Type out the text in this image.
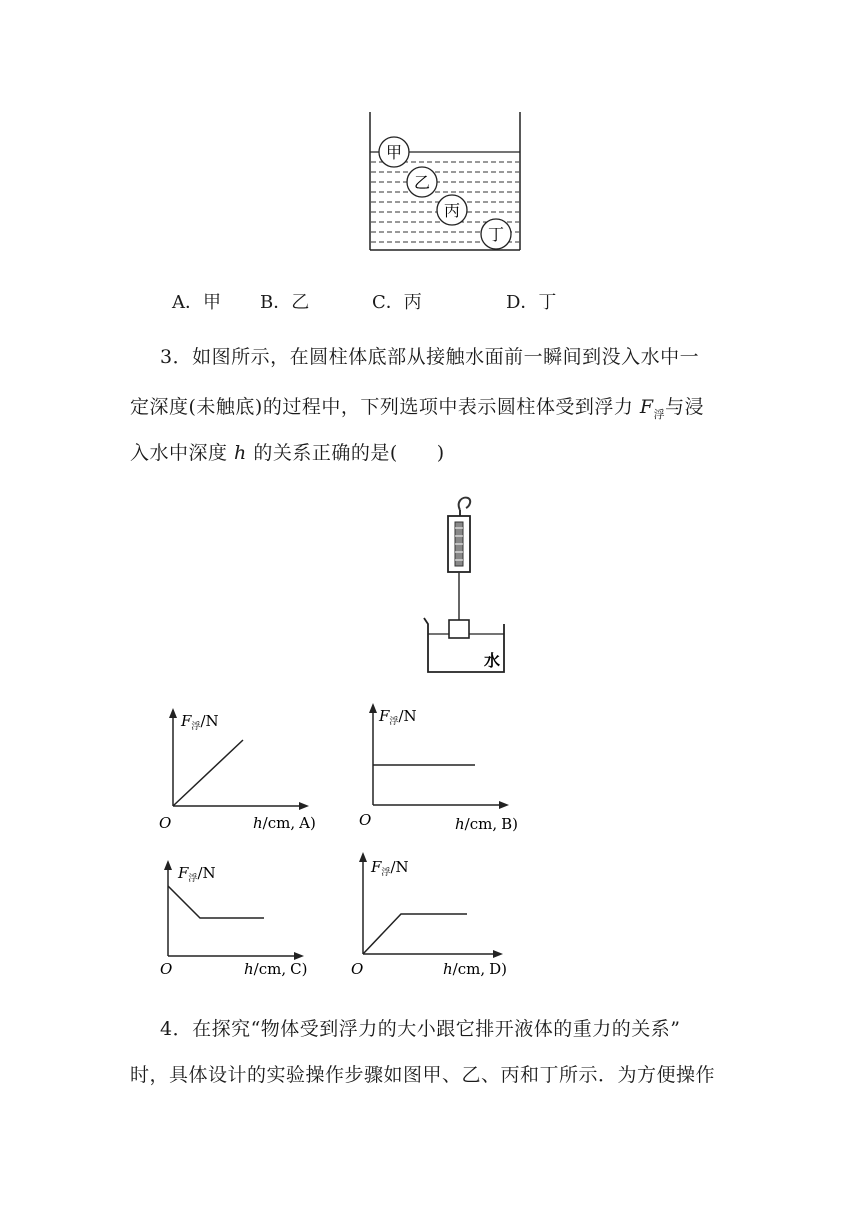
甲
乙
丙
丁
A．甲 B．乙	C．丙	D．丁
3．如图所示，在圆柱体底部从接触水面前一瞬间到没入水中一
定深度(未触底)的过程中，下列选项中表示圆柱体受到浮力 $F_浮$与浸
入水中深度 h 的关系正确的是(　　)
水
$F_浮/N$
O	h/cm, A)
$F_浮/N$
O	h/cm, B)
$F_浮/N$
O	h/cm, C)
$F_浮/N$
O	h/cm, D)
4．在探究“物体受到浮力的大小跟它排开液体的重力的关系”
时，具体设计的实验操作步骤如图甲、乙、丙和丁所示．为方便操作
